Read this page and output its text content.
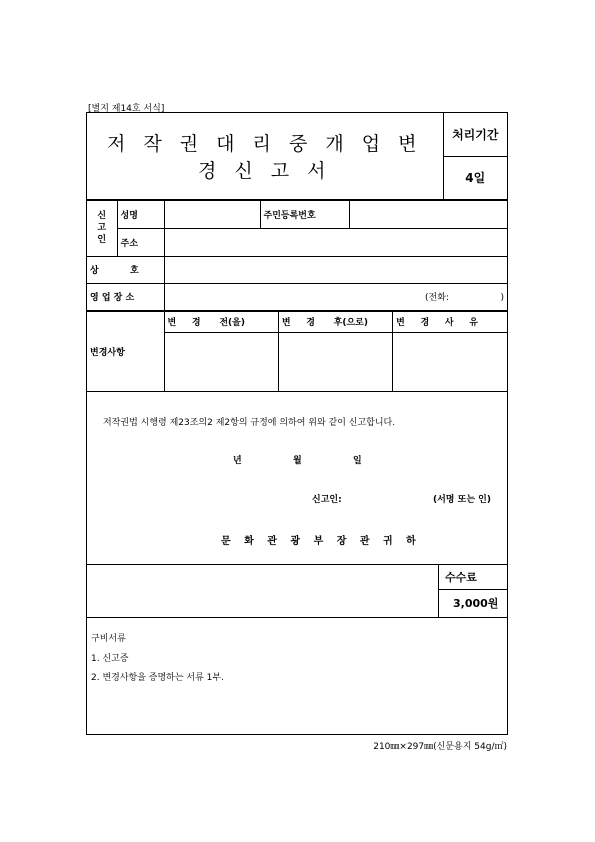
[별지 제14호 서식]
저 작 권 대 리 중 개 업 변 경 신 고 서	처리기간
4일
신
고
인	성명		주민등록번호	
	주소			
상          호				
영 업 장 소		(전화:                  )		
변경사항	변     경      전(을)	변     경      후(으로)	변     경     사     유

저작권법 시행령 제23조의2 제2항의 규정에 의하여 위와 같이 신고합니다.
년	월	일
신고인:	(서명 또는 인)
문 화 관 광 부 장 관 귀 하
수수료
3,000원
구비서류
1. 신고증
2. 변경사항을 증명하는 서류 1부.
210㎜×297㎜(신문용지 54g/㎡)
